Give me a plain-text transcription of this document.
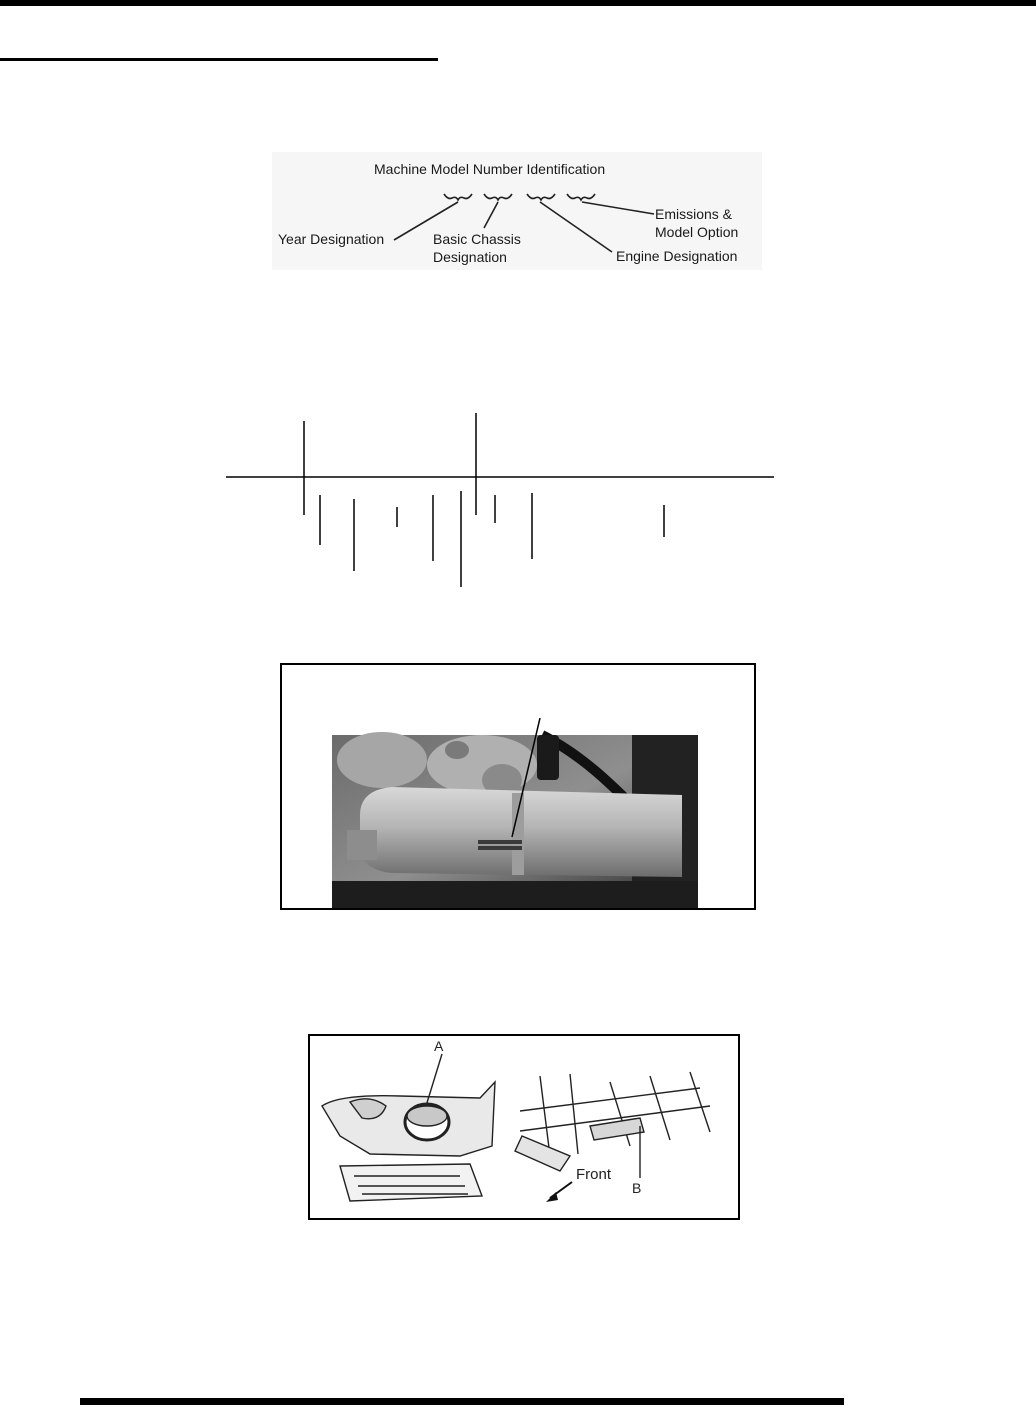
Machine Model Number Identification
Year Designation	Basic Chassis
Designation	Engine Designation
Emissions &
Model Option
A
B
Front
